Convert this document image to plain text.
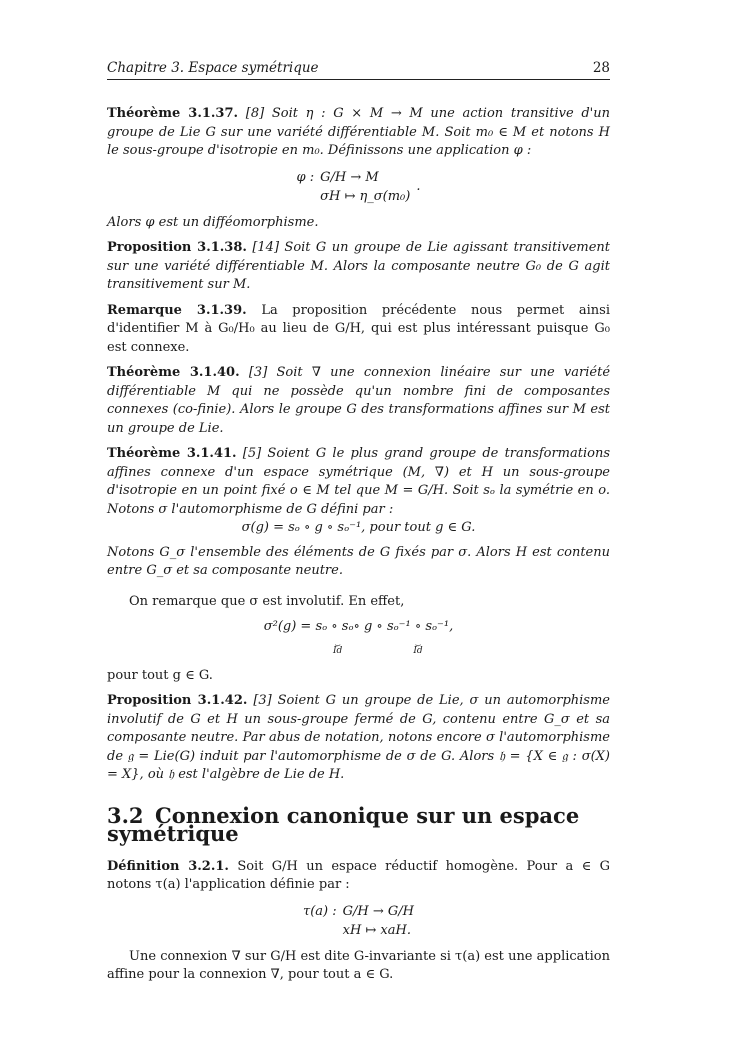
Chapitre 3. Espace symétrique	28

Théorème 3.1.37. [8] Soit η : G × M → M une action transitive d'un groupe de Lie G sur une variété différentiable M. Soit m₀ ∈ M et notons H le sous-groupe d'isotropie en m₀. Définissons une application φ :

φ :	G/H → M	.
	σH ↦ η_σ(m₀)	

Alors φ est un difféomorphisme.

Proposition 3.1.38. [14] Soit G un groupe de Lie agissant transitivement sur une variété différentiable M. Alors la composante neutre G₀ de G agit transitivement sur M.

Remarque 3.1.39. La proposition précédente nous permet ainsi d'identifier M à G₀/H₀ au lieu de G/H, qui est plus intéressant puisque G₀ est connexe.

Théorème 3.1.40. [3] Soit ∇ une connexion linéaire sur une variété différentiable M qui ne possède qu'un nombre fini de composantes connexes (co-finie). Alors le groupe G des transformations affines sur M est un groupe de Lie.

Théorème 3.1.41. [5] Soient G le plus grand groupe de transformations affines connexe d'un espace symétrique (M, ∇) et H un sous-groupe d'isotropie en un point fixé o ∈ M tel que M = G/H. Soit sₒ la symétrie en o. Notons σ l'automorphisme de G défini par :

σ(g) = sₒ ∘ g ∘ sₒ⁻¹, pour tout g ∈ G.

Notons G_σ l'ensemble des éléments de G fixés par σ. Alors H est contenu entre G_σ et sa composante neutre.

On remarque que σ est involutif. En effet,

σ²(g) = sₒ ∘ sₒ∘
⏟
Id
g ∘ sₒ⁻¹ ∘ sₒ⁻¹
⏟
Id
,

pour tout g ∈ G.

Proposition 3.1.42. [3] Soient G un groupe de Lie, σ un automorphisme involutif de G et H un sous-groupe fermé de G, contenu entre G_σ et sa composante neutre. Par abus de notation, notons encore σ l'automorphisme de 𝔤 = Lie(G) induit par l'automorphisme de σ de G. Alors 𝔥 = {X ∈ 𝔤 : σ(X) = X}, où 𝔥 est l'algèbre de Lie de H.

3.2 Connexion canonique sur un espace symétrique

Définition 3.2.1. Soit G/H un espace réductif homogène. Pour a ∈ G notons τ(a) l'application définie par :

τ(a) :	G/H → G/H
	xH ↦ xaH.

Une connexion ∇ sur G/H est dite G-invariante si τ(a) est une application affine pour la connexion ∇, pour tout a ∈ G.
